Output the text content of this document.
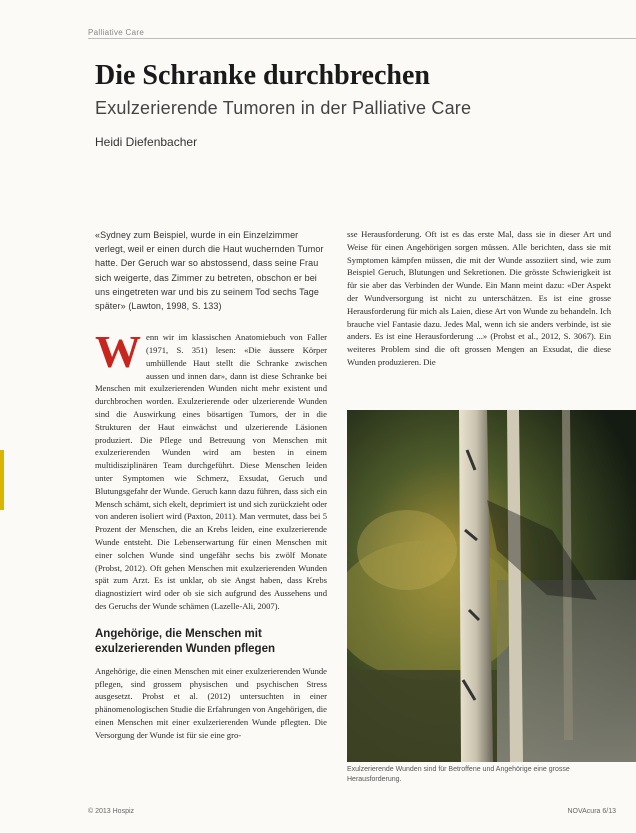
Palliative Care
Die Schranke durchbrechen
Exulzerierende Tumoren in der Palliative Care
Heidi Diefenbacher

«Sydney zum Beispiel, wurde in ein Einzelzimmer verlegt, weil er einen durch die Haut wuchernden Tumor hatte. Der Geruch war so abstossend, dass seine Frau sich weigerte, das Zimmer zu betreten, obschon er bei uns eingetreten war und bis zu seinem Tod sechs Tage später» (Lawton, 1998, S. 133)

W enn wir im klassischen Anatomiebuch von Faller (1971, S. 351) lesen: «Die äussere Körper umhüllende Haut stellt die Schranke zwischen aussen und innen dar», dann ist diese Schranke bei Menschen mit exulzerierenden Wunden nicht mehr existent und durchbrochen worden. Exulzerierende oder ulzerierende Wunden sind die Auswirkung eines bösartigen Tumors, der in die Strukturen der Haut einwächst und ulzerierende Läsionen produziert. Die Pflege und Betreuung von Menschen mit exulzerierenden Wunden wird am besten in einem multidisziplinären Team durchgeführt. Diese Menschen leiden unter Symptomen wie Schmerz, Exsudat, Geruch und Blutungsgefahr der Wunde. Geruch kann dazu führen, dass sich ein Mensch schämt, sich ekelt, deprimiert ist und sich zurückzieht oder von anderen isoliert wird (Paxton, 2011). Man vermutet, dass bei 5 Prozent der Menschen, die an Krebs leiden, eine exulzerierende Wunde entsteht. Die Lebenserwartung für einen Menschen mit einer solchen Wunde sind ungefähr sechs bis zwölf Monate (Probst, 2012). Oft gehen Menschen mit exulzerierenden Wunden spät zum Arzt. Es ist unklar, ob sie Angst haben, dass Krebs diagnostiziert wird oder ob sie sich aufgrund des Aussehens und des Geruchs der Wunde schämen (Lazelle-Ali, 2007).

Angehörige, die Menschen mit exulzerierenden Wunden pflegen

Angehörige, die einen Menschen mit einer exulzerierenden Wunde pflegen, sind grossem physischen und psychischen Stress ausgesetzt. Probst et al. (2012) untersuchten in einer phänomenologischen Studie die Erfahrungen von Angehörigen, die einen Menschen mit einer exulzerierenden Wunde pflegten. Die Versorgung der Wunde ist für sie eine gro-

sse Herausforderung. Oft ist es das erste Mal, dass sie in dieser Art und Weise für einen Angehörigen sorgen müssen. Alle berichten, dass sie mit Symptomen kämpfen müssen, die mit der Wunde assoziiert sind, wie zum Beispiel Geruch, Blutungen und Sekretionen. Die grösste Schwierigkeit ist für sie aber das Verbinden der Wunde. Ein Mann meint dazu: «Der Aspekt der Wundversorgung ist nicht zu unterschätzen. Es ist eine grosse Herausforderung für mich als Laien, diese Art von Wunde zu behandeln. Ich brauche viel Fantasie dazu. Jedes Mal, wenn ich sie anders verbinde, ist sie anders. Es ist eine Herausforderung ...» (Probst et al., 2012, S. 3067). Ein weiteres Problem sind die oft grossen Mengen an Exsudat, die diese Wunden produzieren. Die

Exulzerierende Wunden sind für Betroffene und Angehörige eine grosse Herausforderung.
© 2013 Hospiz	NOVAcura 6/13
